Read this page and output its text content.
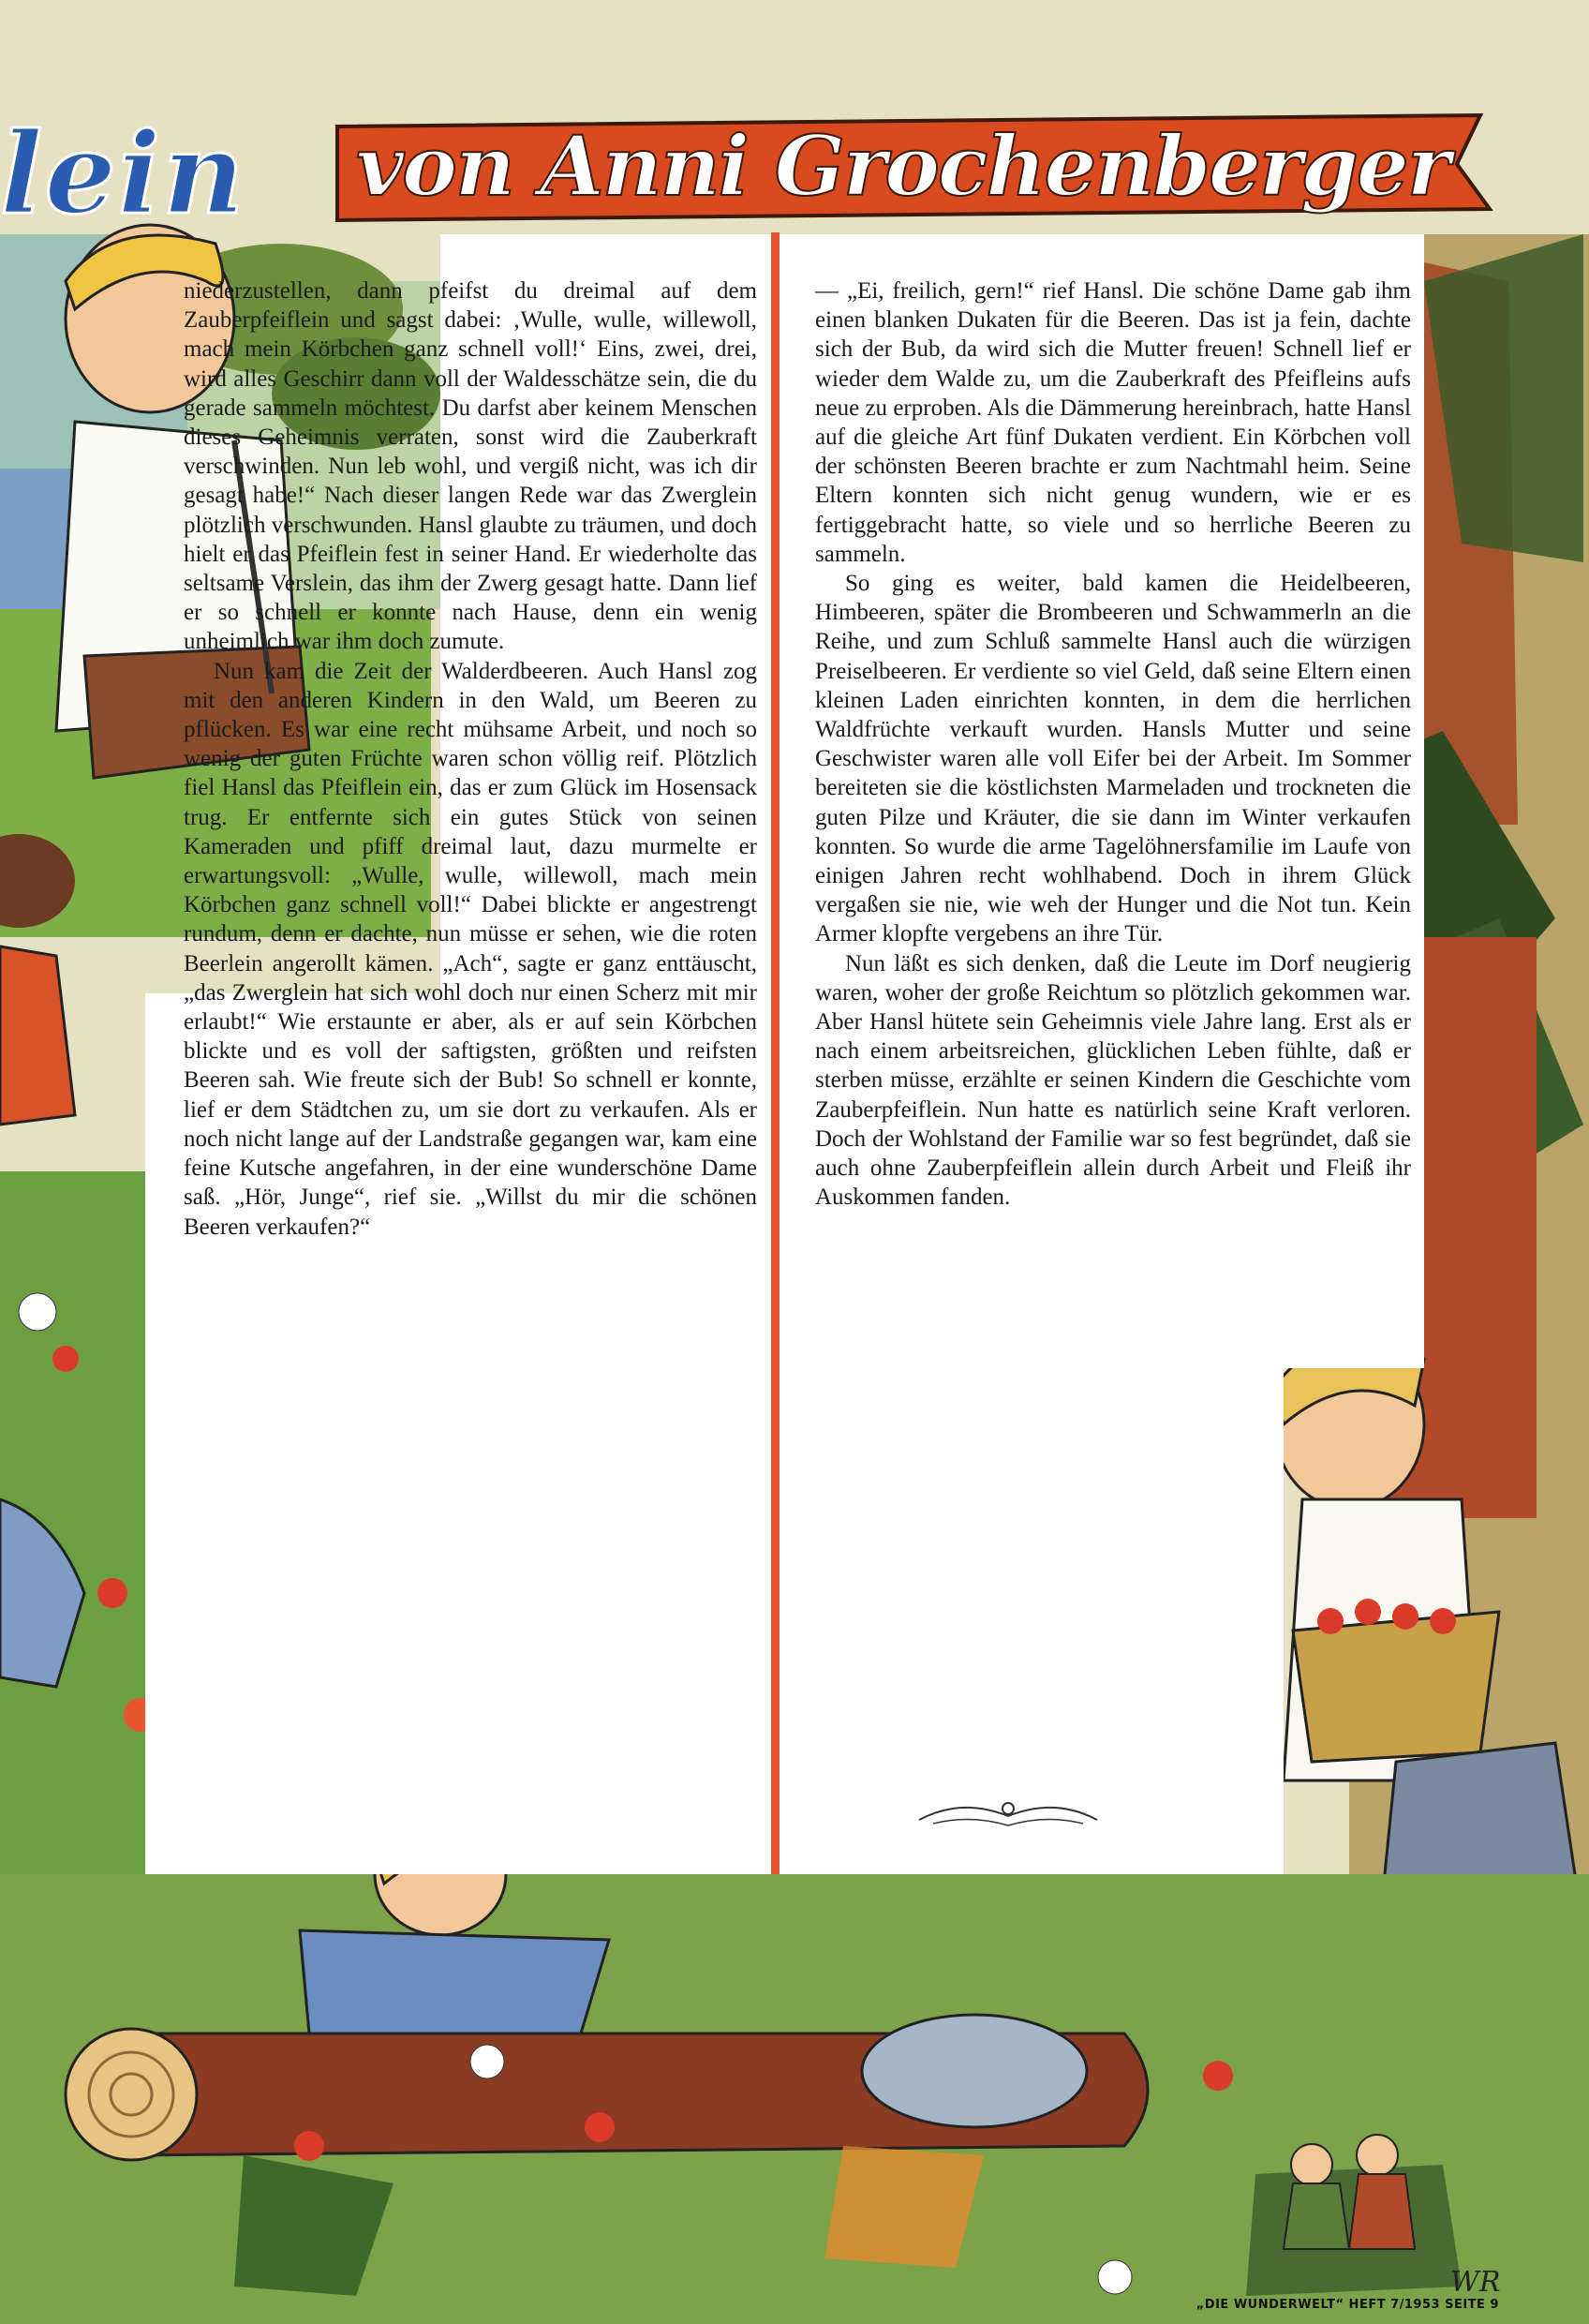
lein von Anni Grochenberger

niederzustellen, dann pfeifst du dreimal auf dem Zauberpfeiflein und sagst dabei: ‚Wulle, wulle, willewoll, mach mein Körbchen ganz schnell voll!‘ Eins, zwei, drei, wird alles Geschirr dann voll der Waldesschätze sein, die du gerade sammeln möchtest. Du darfst aber keinem Menschen dieses Geheimnis verraten, sonst wird die Zauberkraft verschwinden. Nun leb wohl, und vergiß nicht, was ich dir gesagt habe!“ Nach dieser langen Rede war das Zwerglein plötzlich verschwunden. Hansl glaubte zu träumen, und doch hielt er das Pfeiflein fest in seiner Hand. Er wiederholte das seltsame Verslein, das ihm der Zwerg gesagt hatte. Dann lief er so schnell er konnte nach Hause, denn ein wenig unheimlich war ihm doch zumute.

Nun kam die Zeit der Walderdbeeren. Auch Hansl zog mit den anderen Kindern in den Wald, um Beeren zu pflücken. Es war eine recht mühsame Arbeit, und noch so wenig der guten Früchte waren schon völlig reif. Plötzlich fiel Hansl das Pfeiflein ein, das er zum Glück im Hosensack trug. Er entfernte sich ein gutes Stück von seinen Kameraden und pfiff dreimal laut, dazu murmelte er erwartungsvoll: „Wulle, wulle, willewoll, mach mein Körbchen ganz schnell voll!“ Dabei blickte er angestrengt rundum, denn er dachte, nun müsse er sehen, wie die roten Beerlein angerollt kämen. „Ach“, sagte er ganz enttäuscht, „das Zwerglein hat sich wohl doch nur einen Scherz mit mir erlaubt!“ Wie erstaunte er aber, als er auf sein Körbchen blickte und es voll der saftigsten, größten und reifsten Beeren sah. Wie freute sich der Bub! So schnell er konnte, lief er dem Städtchen zu, um sie dort zu verkaufen. Als er noch nicht lange auf der Landstraße gegangen war, kam eine feine Kutsche angefahren, in der eine wunderschöne Dame saß. „Hör, Junge“, rief sie. „Willst du mir die schönen Beeren verkaufen?“

— „Ei, freilich, gern!“ rief Hansl. Die schöne Dame gab ihm einen blanken Dukaten für die Beeren. Das ist ja fein, dachte sich der Bub, da wird sich die Mutter freuen! Schnell lief er wieder dem Walde zu, um die Zauberkraft des Pfeifleins aufs neue zu erproben. Als die Dämmerung hereinbrach, hatte Hansl auf die gleiche Art fünf Dukaten verdient. Ein Körbchen voll der schönsten Beeren brachte er zum Nachtmahl heim. Seine Eltern konnten sich nicht genug wundern, wie er es fertiggebracht hatte, so viele und so herrliche Beeren zu sammeln.

So ging es weiter, bald kamen die Heidelbeeren, Himbeeren, später die Brombeeren und Schwammerln an die Reihe, und zum Schluß sammelte Hansl auch die würzigen Preiselbeeren. Er verdiente so viel Geld, daß seine Eltern einen kleinen Laden einrichten konnten, in dem die herrlichen Waldfrüchte verkauft wurden. Hansls Mutter und seine Geschwister waren alle voll Eifer bei der Arbeit. Im Sommer bereiteten sie die köstlichsten Marmeladen und trockneten die guten Pilze und Kräuter, die sie dann im Winter verkaufen konnten. So wurde die arme Tagelöhnersfamilie im Laufe von einigen Jahren recht wohlhabend. Doch in ihrem Glück vergaßen sie nie, wie weh der Hunger und die Not tun. Kein Armer klopfte vergebens an ihre Tür.

Nun läßt es sich denken, daß die Leute im Dorf neugierig waren, woher der große Reichtum so plötzlich gekommen war. Aber Hansl hütete sein Geheimnis viele Jahre lang. Erst als er nach einem arbeitsreichen, glücklichen Leben fühlte, daß er sterben müsse, erzählte er seinen Kindern die Geschichte vom Zauberpfeiflein. Nun hatte es natürlich seine Kraft verloren. Doch der Wohlstand der Familie war so fest begründet, daß sie auch ohne Zauberpfeiflein allein durch Arbeit und Fleiß ihr Auskommen fanden.

WR
„DIE WUNDERWELT“ HEFT 7/1953 SEITE 9
